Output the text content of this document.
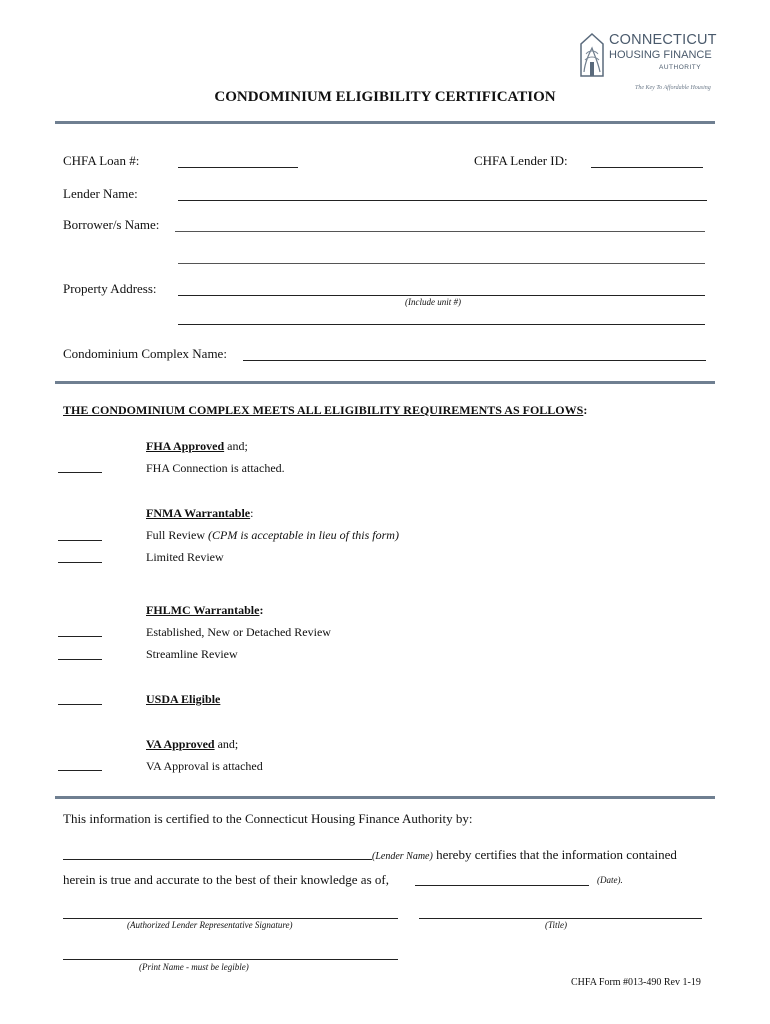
CONNECTICUT
HOUSING FINANCE
AUTHORITY
The Key To Affordable Housing
CONDOMINIUM ELIGIBILITY CERTIFICATION
CHFA Loan #:	CHFA Lender ID:
Lender Name:
Borrower/s Name:
Property Address:
(Include unit #)
Condominium Complex Name:
THE CONDOMINIUM COMPLEX MEETS ALL ELIGIBILITY REQUIREMENTS AS FOLLOWS:
FHA Approved and;
FHA Connection is attached.
FNMA Warrantable:
Full Review (CPM is acceptable in lieu of this form)
Limited Review
FHLMC Warrantable:
Established, New or Detached Review
Streamline Review
USDA Eligible
VA Approved and;
VA Approval is attached
This information is certified to the Connecticut Housing Finance Authority by:
(Lender Name) hereby certifies that the information contained
herein is true and accurate to the best of their knowledge as of,	(Date).
(Authorized Lender Representative Signature)	(Title)
(Print Name - must be legible)
CHFA Form #013-490 Rev 1-19
